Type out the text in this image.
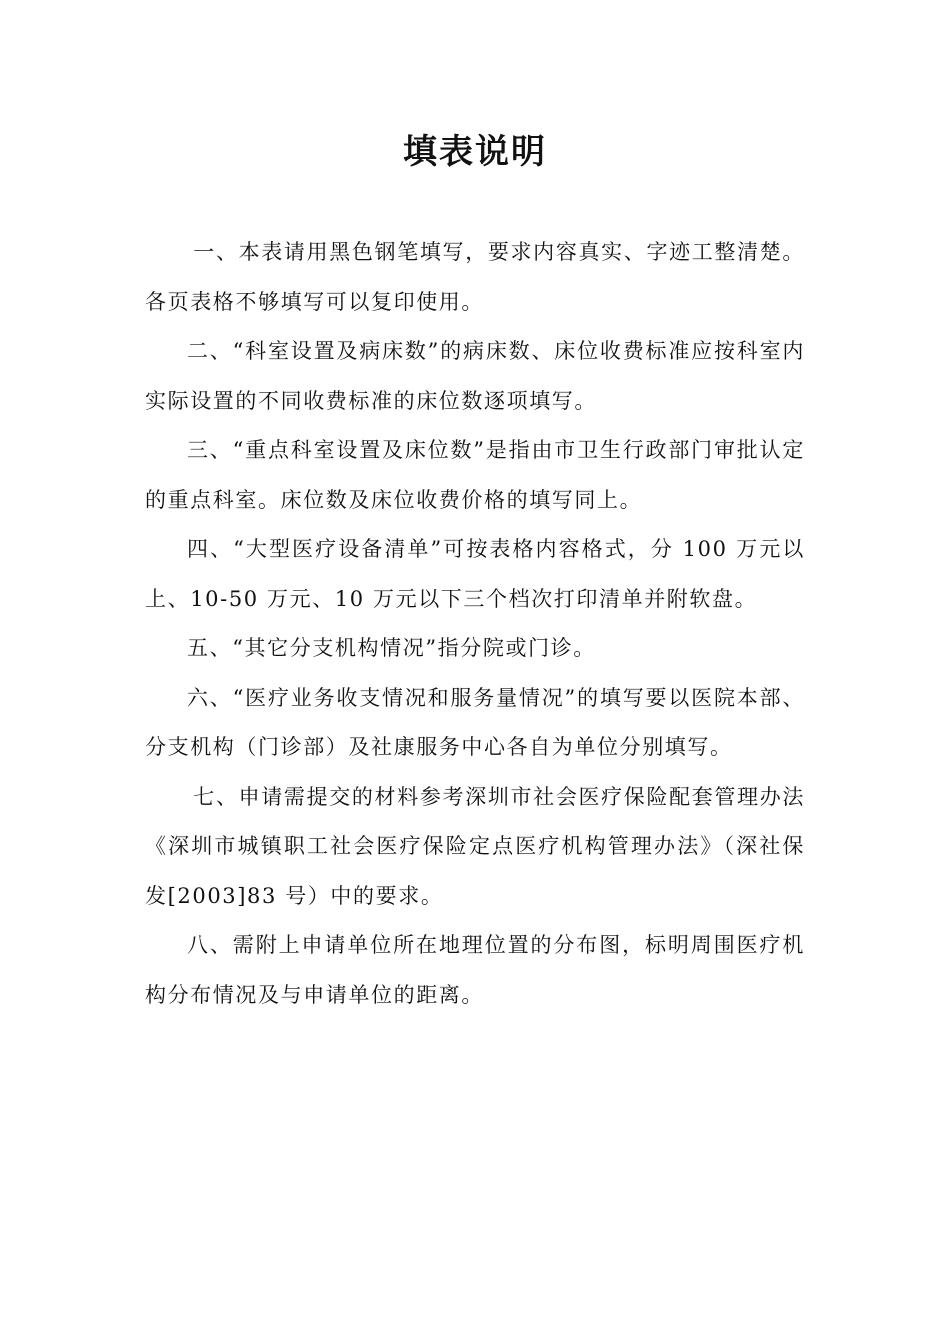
填表说明

一、本表请用黑色钢笔填写，要求内容真实、字迹工整清楚。各页表格不够填写可以复印使用。

二、“科室设置及病床数”的病床数、床位收费标准应按科室内实际设置的不同收费标准的床位数逐项填写。

三、“重点科室设置及床位数”是指由市卫生行政部门审批认定的重点科室。床位数及床位收费价格的填写同上。

四、“大型医疗设备清单”可按表格内容格式，分 100 万元以上、10-50 万元、10 万元以下三个档次打印清单并附软盘。

五、“其它分支机构情况”指分院或门诊。

六、“医疗业务收支情况和服务量情况”的填写要以医院本部、分支机构（门诊部）及社康服务中心各自为单位分别填写。

七、申请需提交的材料参考深圳市社会医疗保险配套管理办法《深圳市城镇职工社会医疗保险定点医疗机构管理办法》（深社保发[2003]83 号）中的要求。

八、需附上申请单位所在地理位置的分布图，标明周围医疗机构分布情况及与申请单位的距离。
